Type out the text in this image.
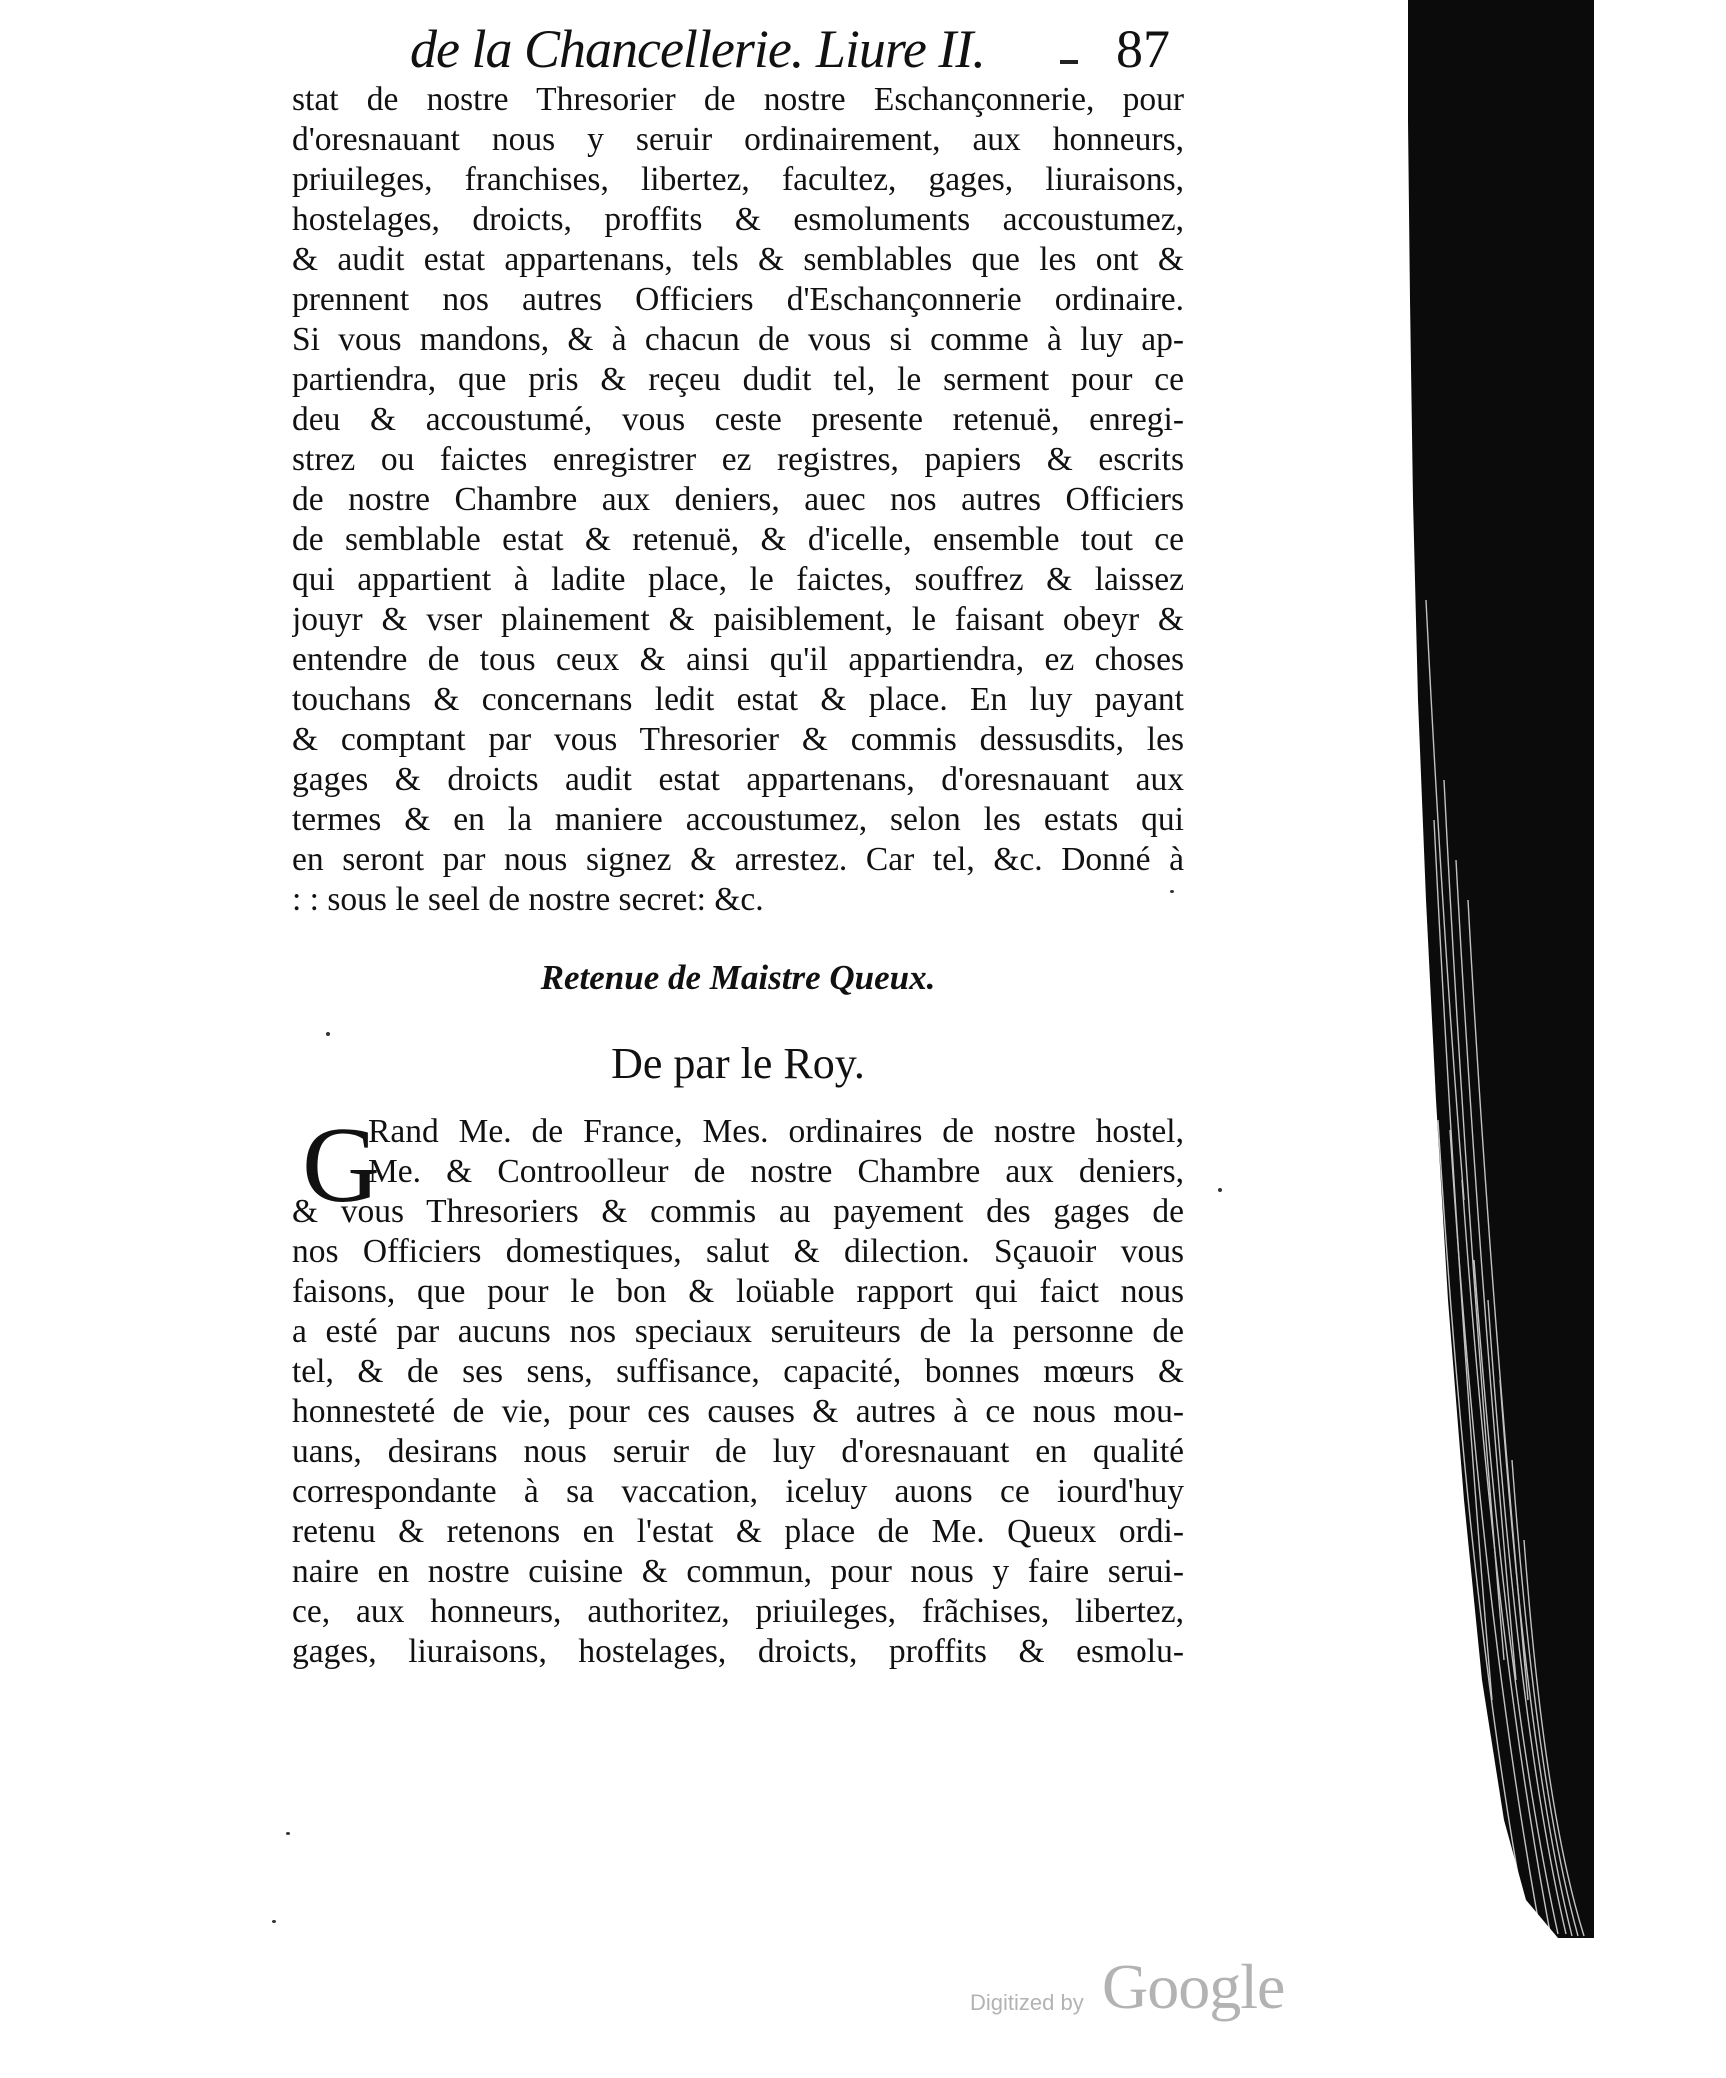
de la Chancellerie. Liure II. 87
stat de nostre Thresorier de nostre Eschançonnerie, pour
d'oresnauant nous y seruir ordinairement, aux honneurs,
priuileges, franchises, libertez, facultez, gages, liuraisons,
hostelages, droicts, proffits & esmoluments accoustumez,
& audit estat appartenans, tels & semblables que les ont &
prennent nos autres Officiers d'Eschançonnerie ordinaire.
Si vous mandons, & à chacun de vous si comme à luy ap-
partiendra, que pris & reçeu dudit tel, le serment pour ce
deu & accoustumé, vous ceste presente retenuë, enregi-
strez ou faictes enregistrer ez registres, papiers & escrits
de nostre Chambre aux deniers, auec nos autres Officiers
de semblable estat & retenuë, & d'icelle, ensemble tout ce
qui appartient à ladite place, le faictes, souffrez & laissez
jouyr & vser plainement & paisiblement, le faisant obeyr &
entendre de tous ceux & ainsi qu'il appartiendra, ez choses
touchans & concernans ledit estat & place. En luy payant
& comptant par vous Thresorier & commis dessusdits, les
gages & droicts audit estat appartenans, d'oresnauant aux
termes & en la maniere accoustumez, selon les estats qui
en seront par nous signez & arrestez. Car tel, &c. Donné à
: : sous le seel de nostre secret: &c.
Retenue de Maistre Queux.
De par le Roy.
G
Rand Me. de France, Mes. ordinaires de nostre hostel,
Me. & Controolleur de nostre Chambre aux deniers,
& vous Thresoriers & commis au payement des gages de
nos Officiers domestiques, salut & dilection. Sçauoir vous
faisons, que pour le bon & loüable rapport qui faict nous
a esté par aucuns nos speciaux seruiteurs de la personne de
tel, & de ses sens, suffisance, capacité, bonnes mœurs &
honnesteté de vie, pour ces causes & autres à ce nous mou-
uans, desirans nous seruir de luy d'oresnauant en qualité
correspondante à sa vaccation, iceluy auons ce iourd'huy
retenu & retenons en l'estat & place de Me. Queux ordi-
naire en nostre cuisine & commun, pour nous y faire serui-
ce, aux honneurs, authoritez, priuileges, frãchises, libertez,
gages, liuraisons, hostelages, droicts, proffits & esmolu-
Digitized by Google
